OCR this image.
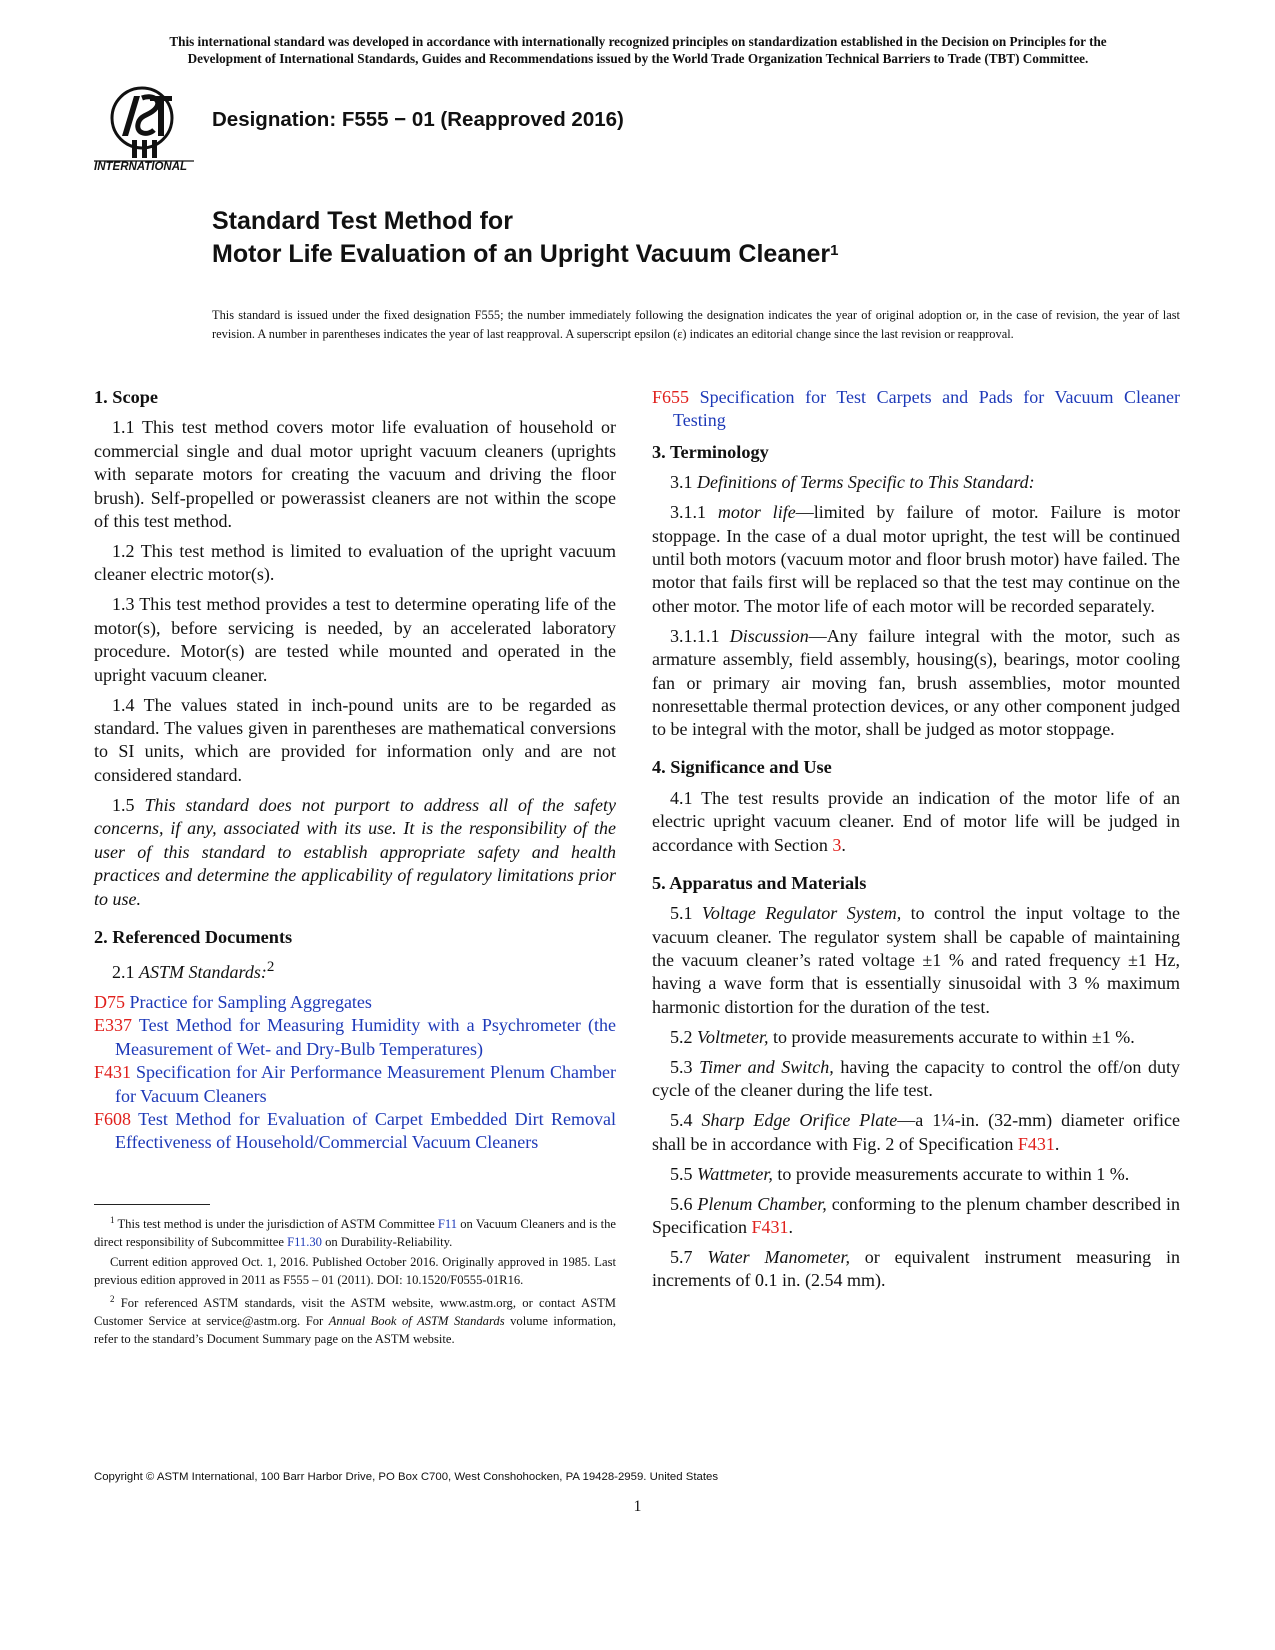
This international standard was developed in accordance with internationally recognized principles on standardization established in the Decision on Principles for the
Development of International Standards, Guides and Recommendations issued by the World Trade Organization Technical Barriers to Trade (TBT) Committee.
INTERNATIONAL
Designation: F555 − 01 (Reapproved 2016)
Standard Test Method for
Motor Life Evaluation of an Upright Vacuum Cleaner$^1$
This standard is issued under the fixed designation F555; the number immediately following the designation indicates the year of original adoption or, in the case of revision, the year of last revision. A number in parentheses indicates the year of last reapproval. A superscript epsilon (ε) indicates an editorial change since the last revision or reapproval.
1. Scope

1.1 This test method covers motor life evaluation of household or commercial single and dual motor upright vacuum cleaners (uprights with separate motors for creating the vacuum and driving the floor brush). Self-propelled or powerassist cleaners are not within the scope of this test method.

1.2 This test method is limited to evaluation of the upright vacuum cleaner electric motor(s).

1.3 This test method provides a test to determine operating life of the motor(s), before servicing is needed, by an accelerated laboratory procedure. Motor(s) are tested while mounted and operated in the upright vacuum cleaner.

1.4 The values stated in inch-pound units are to be regarded as standard. The values given in parentheses are mathematical conversions to SI units, which are provided for information only and are not considered standard.

1.5 This standard does not purport to address all of the safety concerns, if any, associated with its use. It is the responsibility of the user of this standard to establish appropriate safety and health practices and determine the applicability of regulatory limitations prior to use.

2. Referenced Documents

2.1 ASTM Standards:$^2$

D75 Practice for Sampling Aggregates
E337 Test Method for Measuring Humidity with a Psychrometer (the Measurement of Wet- and Dry-Bulb Temperatures)
F431 Specification for Air Performance Measurement Plenum Chamber for Vacuum Cleaners
F608 Test Method for Evaluation of Carpet Embedded Dirt Removal Effectiveness of Household/Commercial Vacuum Cleaners

$^1$ This test method is under the jurisdiction of ASTM Committee F11 on Vacuum Cleaners and is the direct responsibility of Subcommittee F11.30 on Durability-Reliability.

Current edition approved Oct. 1, 2016. Published October 2016. Originally approved in 1985. Last previous edition approved in 2011 as F555 – 01 (2011). DOI: 10.1520/F0555-01R16.

$^2$ For referenced ASTM standards, visit the ASTM website, www.astm.org, or contact ASTM Customer Service at service@astm.org. For Annual Book of ASTM Standards volume information, refer to the standard’s Document Summary page on the ASTM website.

F655 Specification for Test Carpets and Pads for Vacuum Cleaner Testing
3. Terminology

3.1 Definitions of Terms Specific to This Standard:

3.1.1 motor life—limited by failure of motor. Failure is motor stoppage. In the case of a dual motor upright, the test will be continued until both motors (vacuum motor and floor brush motor) have failed. The motor that fails first will be replaced so that the test may continue on the other motor. The motor life of each motor will be recorded separately.

3.1.1.1 Discussion—Any failure integral with the motor, such as armature assembly, field assembly, housing(s), bearings, motor cooling fan or primary air moving fan, brush assemblies, motor mounted nonresettable thermal protection devices, or any other component judged to be integral with the motor, shall be judged as motor stoppage.

4. Significance and Use

4.1 The test results provide an indication of the motor life of an electric upright vacuum cleaner. End of motor life will be judged in accordance with Section 3.

5. Apparatus and Materials

5.1 Voltage Regulator System, to control the input voltage to the vacuum cleaner. The regulator system shall be capable of maintaining the vacuum cleaner’s rated voltage ±1 % and rated frequency ±1 Hz, having a wave form that is essentially sinusoidal with 3 % maximum harmonic distortion for the duration of the test.

5.2 Voltmeter, to provide measurements accurate to within ±1 %.

5.3 Timer and Switch, having the capacity to control the off/on duty cycle of the cleaner during the life test.

5.4 Sharp Edge Orifice Plate—a 1¼-in. (32-mm) diameter orifice shall be in accordance with Fig. 2 of Specification F431.

5.5 Wattmeter, to provide measurements accurate to within 1 %.

5.6 Plenum Chamber, conforming to the plenum chamber described in Specification F431.

5.7 Water Manometer, or equivalent instrument measuring in increments of 0.1 in. (2.54 mm).

Copyright © ASTM International, 100 Barr Harbor Drive, PO Box C700, West Conshohocken, PA 19428-2959. United States
1
